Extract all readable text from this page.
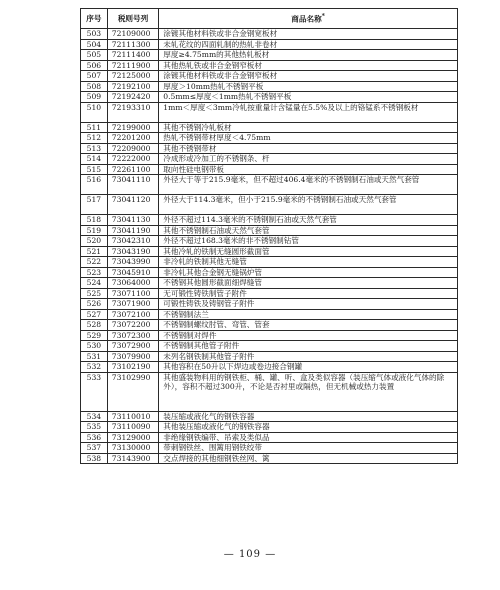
序号	税则号列	商品名称*
503	72109000	涂镀其他材料铁或非合金钢宽板材
504	72111300	未轧花纹的四面轧制的热轧非卷材
505	72111400	厚度≥4.75mm的其他热轧板材
506	72111900	其他热轧铁或非合金钢窄板材
507	72125000	涂镀其他材料铁或非合金钢窄板材
508	72192100	厚度＞10mm热轧不锈钢平板
509	72192420	0.5mm≤厚度＜1mm热轧不锈钢平板
510	72193310	1mm＜厚度＜3mm冷轧按重量计含锰量在5.5%及以上的铬锰系不锈钢板材
511	72199000	其他不锈钢冷轧板材
512	72201200	热轧不锈钢带材厚度＜4.75mm
513	72209000	其他不锈钢带材
514	72222000	冷成形或冷加工的不锈钢条、杆
515	72261100	取向性硅电钢带板
516	73041110	外径大于等于215.9毫米，但不超过406.4毫米的不锈钢制石油或天然气套管
517	73041120	外径大于114.3毫米，但小于215.9毫米的不锈钢制石油或天然气套管
518	73041130	外径不超过114.3毫米的不锈钢制石油或天然气套管
519	73041190	其他不锈钢制石油或天然气套管
520	73042310	外径不超过168.3毫米的非不锈钢制钻管
521	73043190	其他冷轧的铁制无缝圆形截面管
522	73043990	非冷轧的铁制其他无缝管
523	73045910	非冷轧其他合金钢无缝锅炉管
524	73064000	不锈钢其他圆形截面细焊缝管
525	73071100	无可锻性铸铁制管子附件
526	73071900	可锻性铸铁及铸钢管子附件
527	73072100	不锈钢制法兰
528	73072200	不锈钢制螺纹肘管、弯管、管套
529	73072300	不锈钢制对焊件
530	73072900	不锈钢制其他管子附件
531	73079900	未列名钢铁制其他管子附件
532	73102190	其他容积在50升以下焊边或卷边接合钢罐
533	73102990	其他盛装物料用的钢铁柜、桶、罐、听、盒及类似容器（装压缩气体或液化气体的除外），容积不超过300升，不论是否衬里或隔热，但无机械或热力装置
534	73110010	装压缩或液化气的钢铁容器
535	73110090	其他装压缩或液化气的钢铁容器
536	73129000	非绝缘钢铁编带、吊索及类似品
537	73130000	带刺钢铁丝、围篱用钢铁绞带
538	73143900	交点焊接的其他细钢铁丝网、篱
— 109 —
